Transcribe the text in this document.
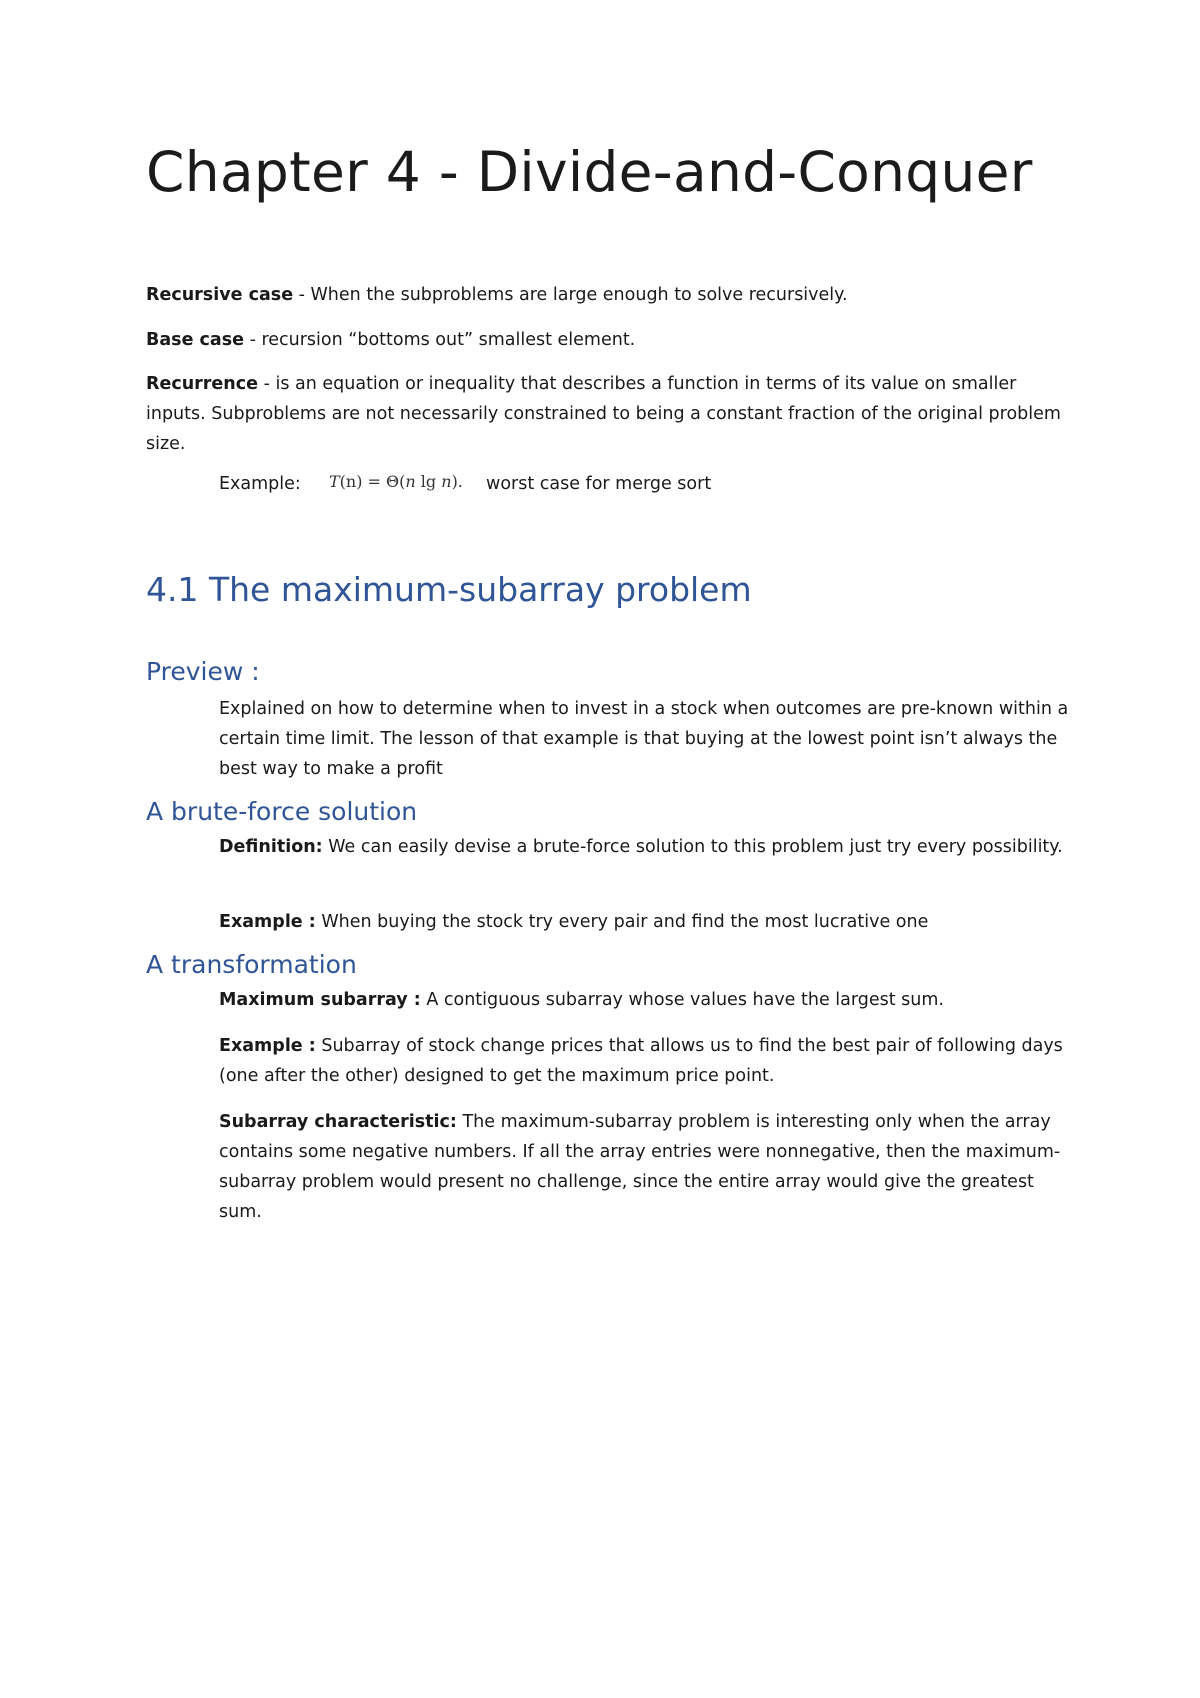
Chapter 4 - Divide-and-Conquer

Recursive case - When the subproblems are large enough to solve recursively.

Base case - recursion “bottoms out” smallest element.

Recurrence - is an equation or inequality that describes a function in terms of its value on smaller inputs. Subproblems are not necessarily constrained to being a constant fraction of the original problem size.

Example: T(n) = Θ(n lg n). worst case for merge sort
4.1 The maximum-subarray problem
Preview :

Explained on how to determine when to invest in a stock when outcomes are pre-known within a certain time limit. The lesson of that example is that buying at the lowest point isn’t always the best way to make a profit

A brute-force solution

Definition: We can easily devise a brute-force solution to this problem just try every possibility.

Example : When buying the stock try every pair and find the most lucrative one

A transformation

Maximum subarray : A contiguous subarray whose values have the largest sum.

Example : Subarray of stock change prices that allows us to find the best pair of following days (one after the other) designed to get the maximum price point.

Subarray characteristic: The maximum-subarray problem is interesting only when the array contains some negative numbers. If all the array entries were nonnegative, then the maximum-subarray problem would present no challenge, since the entire array would give the greatest sum.
